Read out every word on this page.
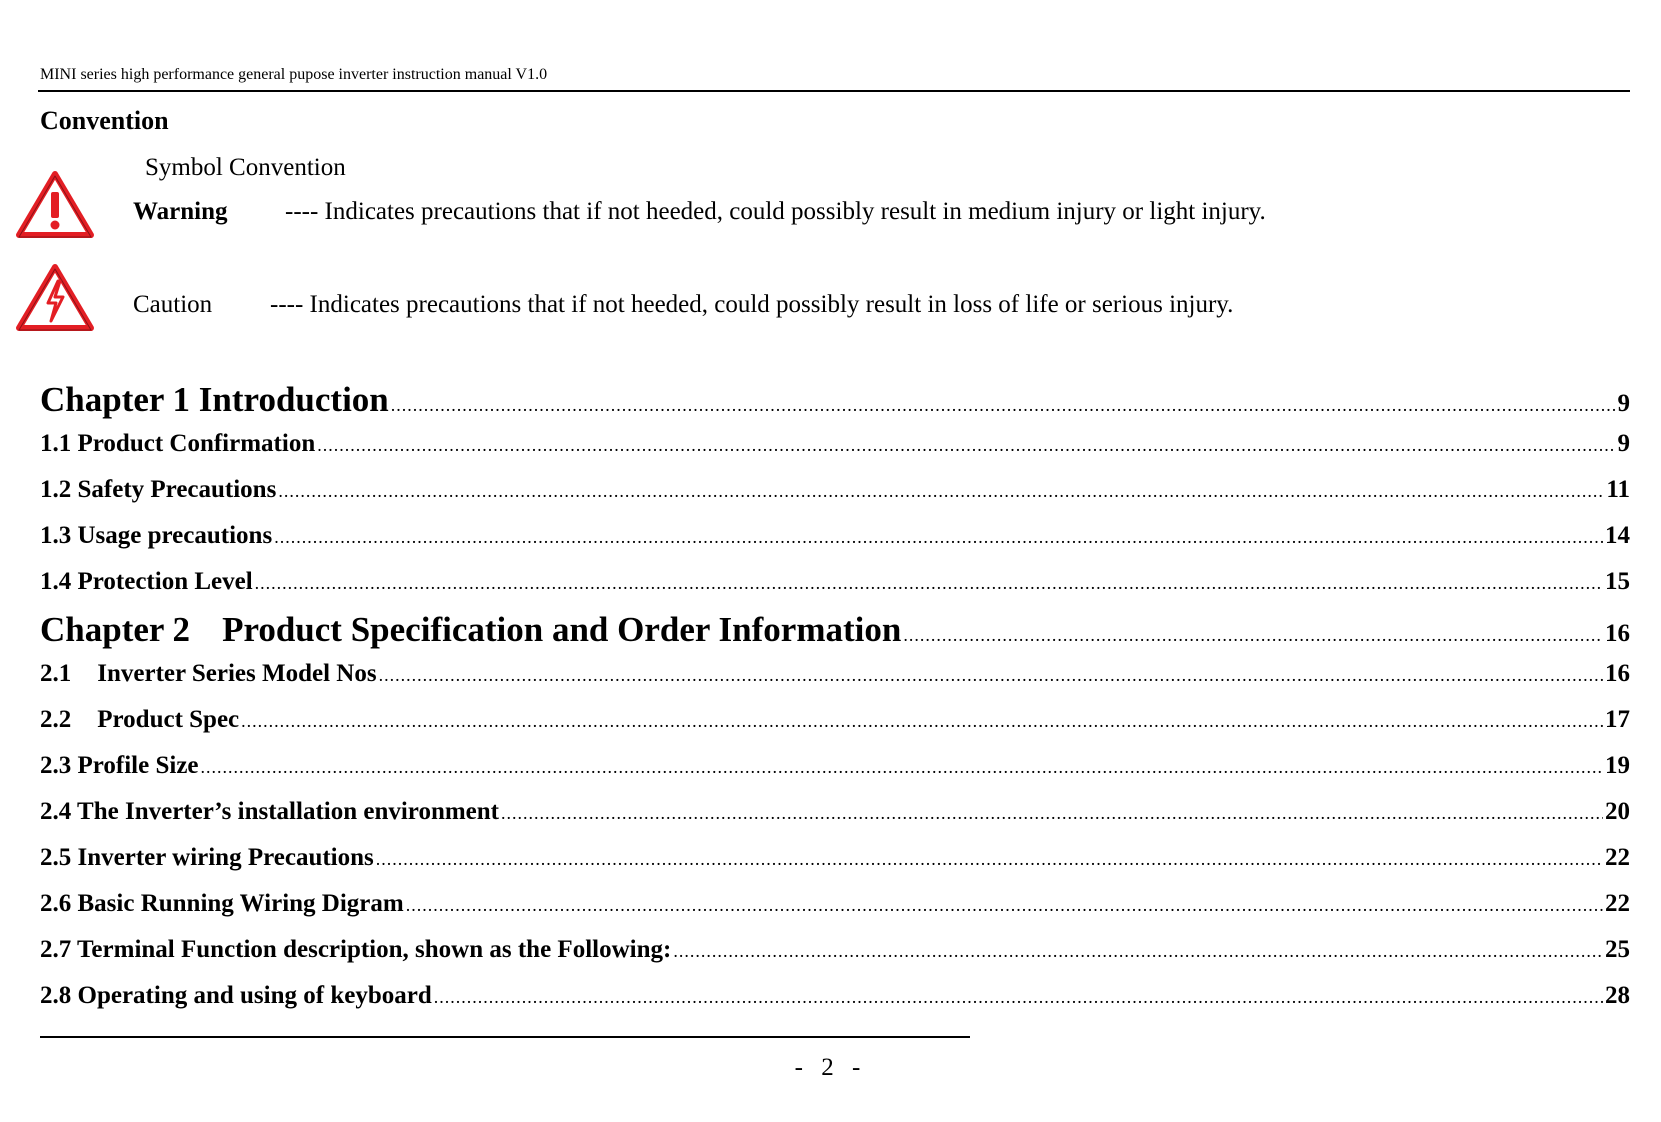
MINI series high performance general pupose inverter instruction manual V1.0
Convention
Symbol Convention
Warning ---- Indicates precautions that if not heeded, could possibly result in medium injury or light injury.
Caution ---- Indicates precautions that if not heeded, could possibly result in loss of life or serious injury.
Chapter 1 Introduction .....	9
1.1 Product Confirmation .....	9
1.2 Safety Precautions .....	11
1.3 Usage precautions .....	14
1.4 Protection Level .....	15
Chapter 2 Product Specification and Order Information .....	16
2.1 Inverter Series Model Nos .....	16
2.2 Product Spec .....	17
2.3 Profile Size .....	19
2.4 The Inverter’s installation environment .....	20
2.5 Inverter wiring Precautions .....	22
2.6 Basic Running Wiring Digram .....	22
2.7 Terminal Function description, shown as the Following: .....	25
2.8 Operating and using of keyboard .....	28
- 2 -
